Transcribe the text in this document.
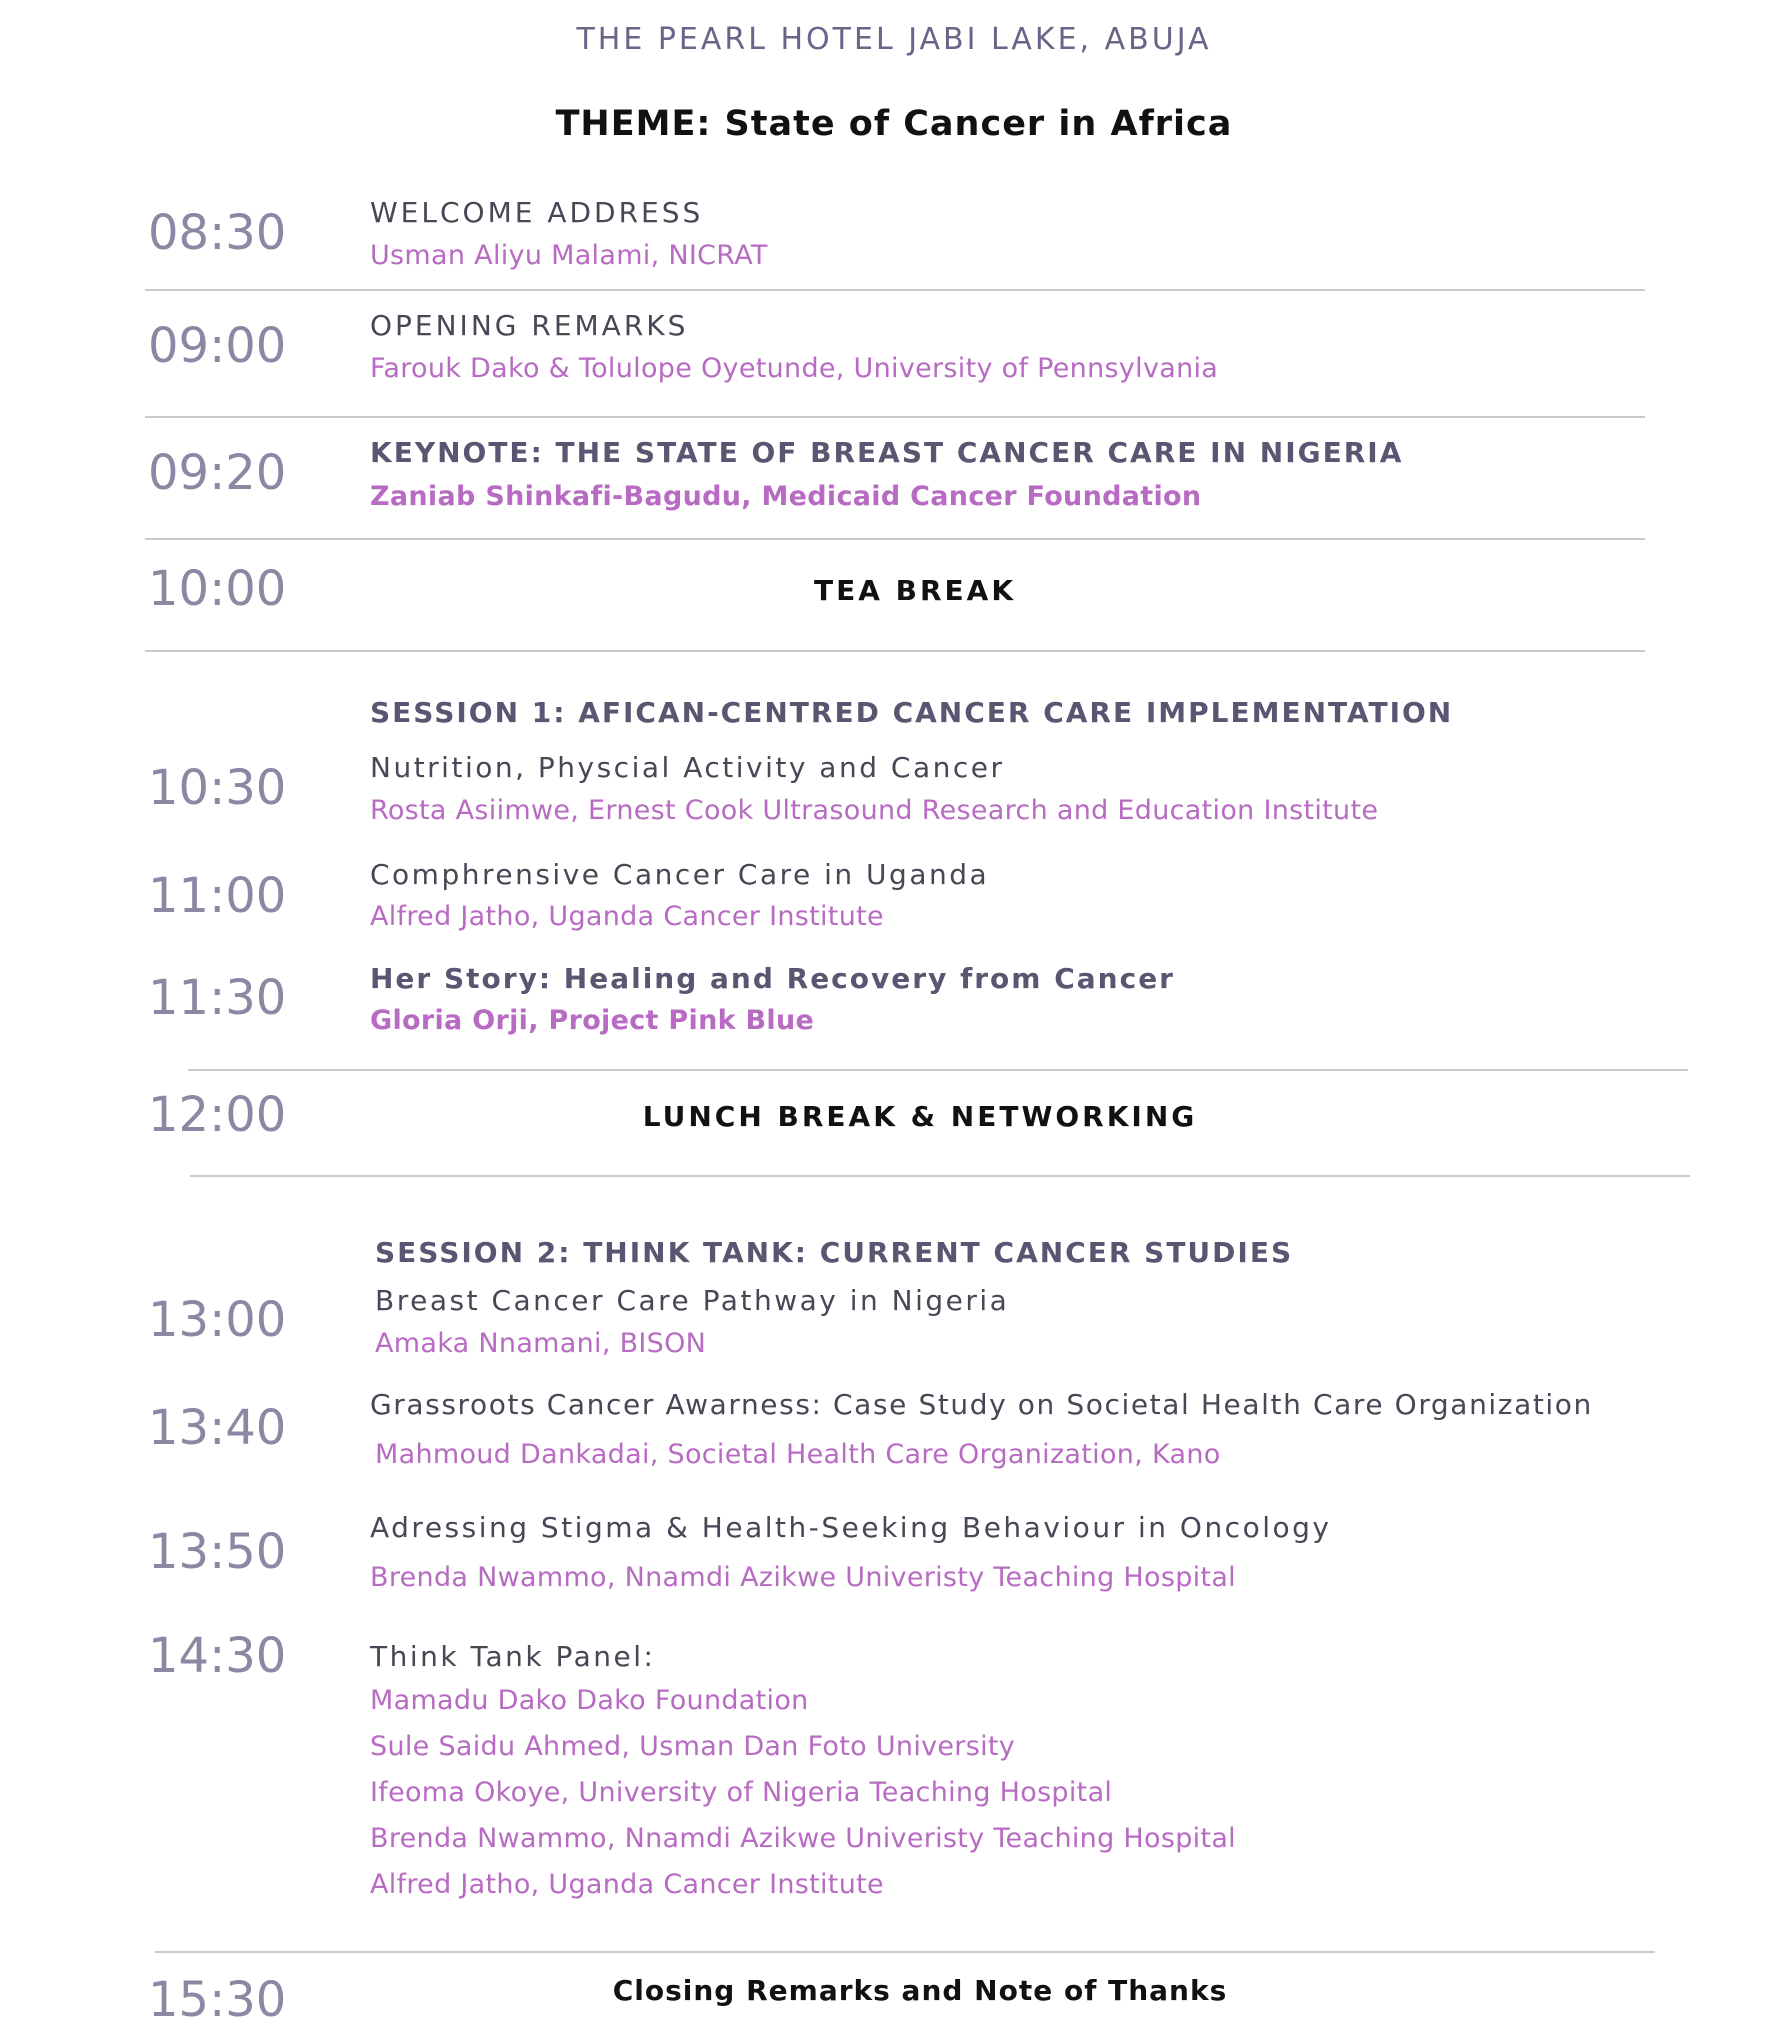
THE PEARL HOTEL JABI LAKE, ABUJA
THEME: State of Cancer in Africa
08:30	WELCOME ADDRESS
Usman Aliyu Malami, NICRAT
09:00	OPENING REMARKS
Farouk Dako & Tolulope Oyetunde, University of Pennsylvania
09:20	KEYNOTE: THE STATE OF BREAST CANCER CARE IN NIGERIA
Zaniab Shinkafi-Bagudu, Medicaid Cancer Foundation
10:00	TEA BREAK
SESSION 1: AFICAN-CENTRED CANCER CARE IMPLEMENTATION
10:30	Nutrition, Physcial Activity and Cancer
Rosta Asiimwe, Ernest Cook Ultrasound Research and Education Institute
11:00	Comphrensive Cancer Care in Uganda
Alfred Jatho, Uganda Cancer Institute
11:30	Her Story: Healing and Recovery from Cancer
Gloria Orji, Project Pink Blue
12:00	LUNCH BREAK & NETWORKING
SESSION 2: THINK TANK: CURRENT CANCER STUDIES
13:00	Breast Cancer Care Pathway in Nigeria
Amaka Nnamani, BISON
13:40	Grassroots Cancer Awarness: Case Study on Societal Health Care Organization
Mahmoud Dankadai, Societal Health Care Organization, Kano
13:50	Adressing Stigma & Health-Seeking Behaviour in Oncology
Brenda Nwammo, Nnamdi Azikwe Univeristy Teaching Hospital
14:30	Think Tank Panel:
Mamadu Dako Dako Foundation
Sule Saidu Ahmed, Usman Dan Foto University
Ifeoma Okoye, University of Nigeria Teaching Hospital
Brenda Nwammo, Nnamdi Azikwe Univeristy Teaching Hospital
Alfred Jatho, Uganda Cancer Institute
15:30	Closing Remarks and Note of Thanks
